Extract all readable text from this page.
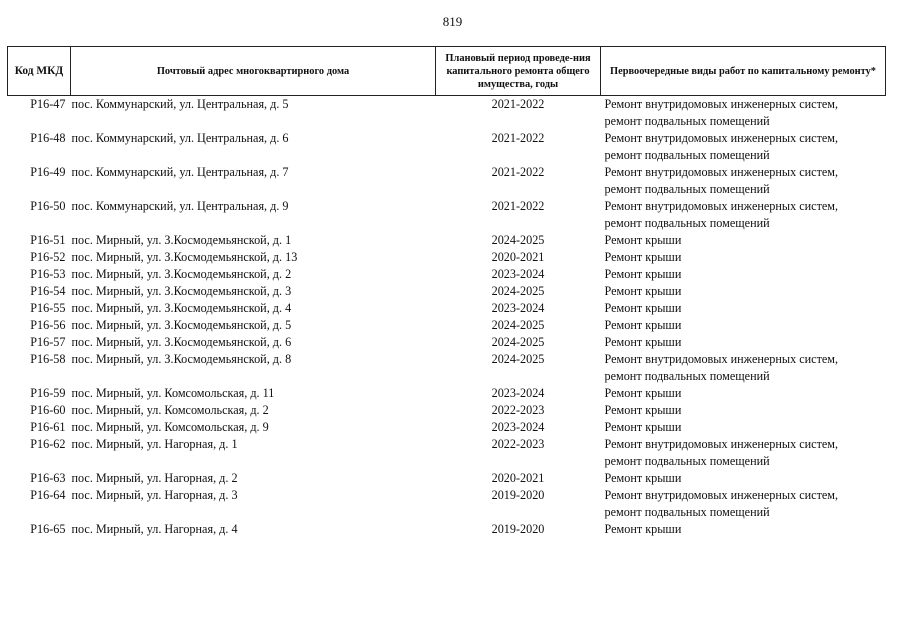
819
Код МКД	Почтовый адрес многоквартирного дома	Плановый период проведе-ния капитального ремонта общего имущества, годы	Первоочередные виды работ по капитальному ремонту*
Р16-47	пос. Коммунарский, ул. Центральная, д. 5	2021-2022	Ремонт внутридомовых инженерных систем,
ремонт подвальных помещений

Р16-48	пос. Коммунарский, ул. Центральная, д. 6	2021-2022	Ремонт внутридомовых инженерных систем,
ремонт подвальных помещений

Р16-49	пос. Коммунарский, ул. Центральная, д. 7	2021-2022	Ремонт внутридомовых инженерных систем,
ремонт подвальных помещений

Р16-50	пос. Коммунарский, ул. Центральная, д. 9	2021-2022	Ремонт внутридомовых инженерных систем,
ремонт подвальных помещений

Р16-51	пос. Мирный, ул. З.Космодемьянской, д. 1	2024-2025	Ремонт крыши

Р16-52	пос. Мирный, ул. З.Космодемьянской, д. 13	2020-2021	Ремонт крыши

Р16-53	пос. Мирный, ул. З.Космодемьянской, д. 2	2023-2024	Ремонт крыши

Р16-54	пос. Мирный, ул. З.Космодемьянской, д. 3	2024-2025	Ремонт крыши

Р16-55	пос. Мирный, ул. З.Космодемьянской, д. 4	2023-2024	Ремонт крыши

Р16-56	пос. Мирный, ул. З.Космодемьянской, д. 5	2024-2025	Ремонт крыши

Р16-57	пос. Мирный, ул. З.Космодемьянской, д. 6	2024-2025	Ремонт крыши

Р16-58	пос. Мирный, ул. З.Космодемьянской, д. 8	2024-2025	Ремонт внутридомовых инженерных систем,
ремонт подвальных помещений

Р16-59	пос. Мирный, ул. Комсомольская, д. 11	2023-2024	Ремонт крыши

Р16-60	пос. Мирный, ул. Комсомольская, д. 2	2022-2023	Ремонт крыши

Р16-61	пос. Мирный, ул. Комсомольская, д. 9	2023-2024	Ремонт крыши

Р16-62	пос. Мирный, ул. Нагорная, д. 1	2022-2023	Ремонт внутридомовых инженерных систем,
ремонт подвальных помещений

Р16-63	пос. Мирный, ул. Нагорная, д. 2	2020-2021	Ремонт крыши

Р16-64	пос. Мирный, ул. Нагорная, д. 3	2019-2020	Ремонт внутридомовых инженерных систем,
ремонт подвальных помещений

Р16-65	пос. Мирный, ул. Нагорная, д. 4	2019-2020	Ремонт крыши
